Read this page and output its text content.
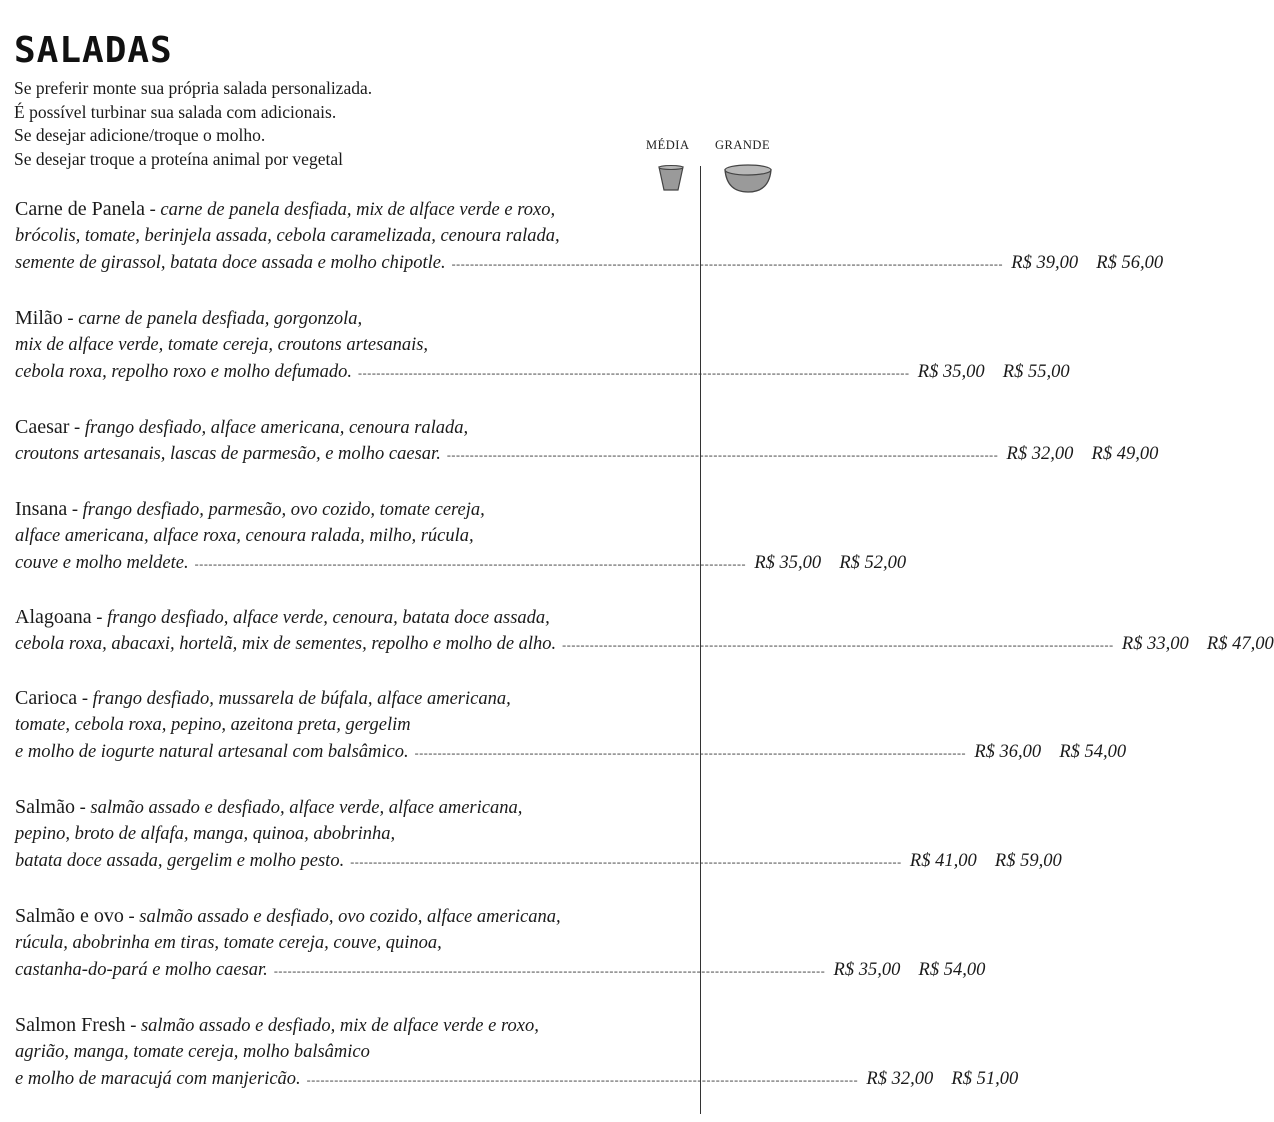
SALADAS
Se preferir monte sua própria salada personalizada.
É possível turbinar sua salada com adicionais.
Se desejar adicione/troque o molho.
Se desejar troque a proteína animal por vegetal
MÉDIA GRANDE
Carne de Panela - carne de panela desfiada, mix de alface verde e roxo,
brócolis, tomate, berinjela assada, cebola caramelizada, cenoura ralada,
semente de girassol, batata doce assada e molho chipotle. ------------------------------------------------------------------------------------------------------------------------ R$ 39,00 R$ 56,00
Milão - carne de panela desfiada, gorgonzola,
mix de alface verde, tomate cereja, croutons artesanais,
cebola roxa, repolho roxo e molho defumado. ------------------------------------------------------------------------------------------------------------------------ R$ 35,00 R$ 55,00
Caesar - frango desfiado, alface americana, cenoura ralada,
croutons artesanais, lascas de parmesão, e molho caesar. ------------------------------------------------------------------------------------------------------------------------ R$ 32,00 R$ 49,00
Insana - frango desfiado, parmesão, ovo cozido, tomate cereja,
alface americana, alface roxa, cenoura ralada, milho, rúcula,
couve e molho meldete. ------------------------------------------------------------------------------------------------------------------------ R$ 35,00 R$ 52,00
Alagoana - frango desfiado, alface verde, cenoura, batata doce assada,
cebola roxa, abacaxi, hortelã, mix de sementes, repolho e molho de alho. ------------------------------------------------------------------------------------------------------------------------ R$ 33,00 R$ 47,00
Carioca - frango desfiado, mussarela de búfala, alface americana,
tomate, cebola roxa, pepino, azeitona preta, gergelim
e molho de iogurte natural artesanal com balsâmico. ------------------------------------------------------------------------------------------------------------------------ R$ 36,00 R$ 54,00
Salmão - salmão assado e desfiado, alface verde, alface americana,
pepino, broto de alfafa, manga, quinoa, abobrinha,
batata doce assada, gergelim e molho pesto. ------------------------------------------------------------------------------------------------------------------------ R$ 41,00 R$ 59,00
Salmão e ovo - salmão assado e desfiado, ovo cozido, alface americana,
rúcula, abobrinha em tiras, tomate cereja, couve, quinoa,
castanha-do-pará e molho caesar. ------------------------------------------------------------------------------------------------------------------------ R$ 35,00 R$ 54,00
Salmon Fresh - salmão assado e desfiado, mix de alface verde e roxo,
agrião, manga, tomate cereja, molho balsâmico
e molho de maracujá com manjericão. ------------------------------------------------------------------------------------------------------------------------ R$ 32,00 R$ 51,00
